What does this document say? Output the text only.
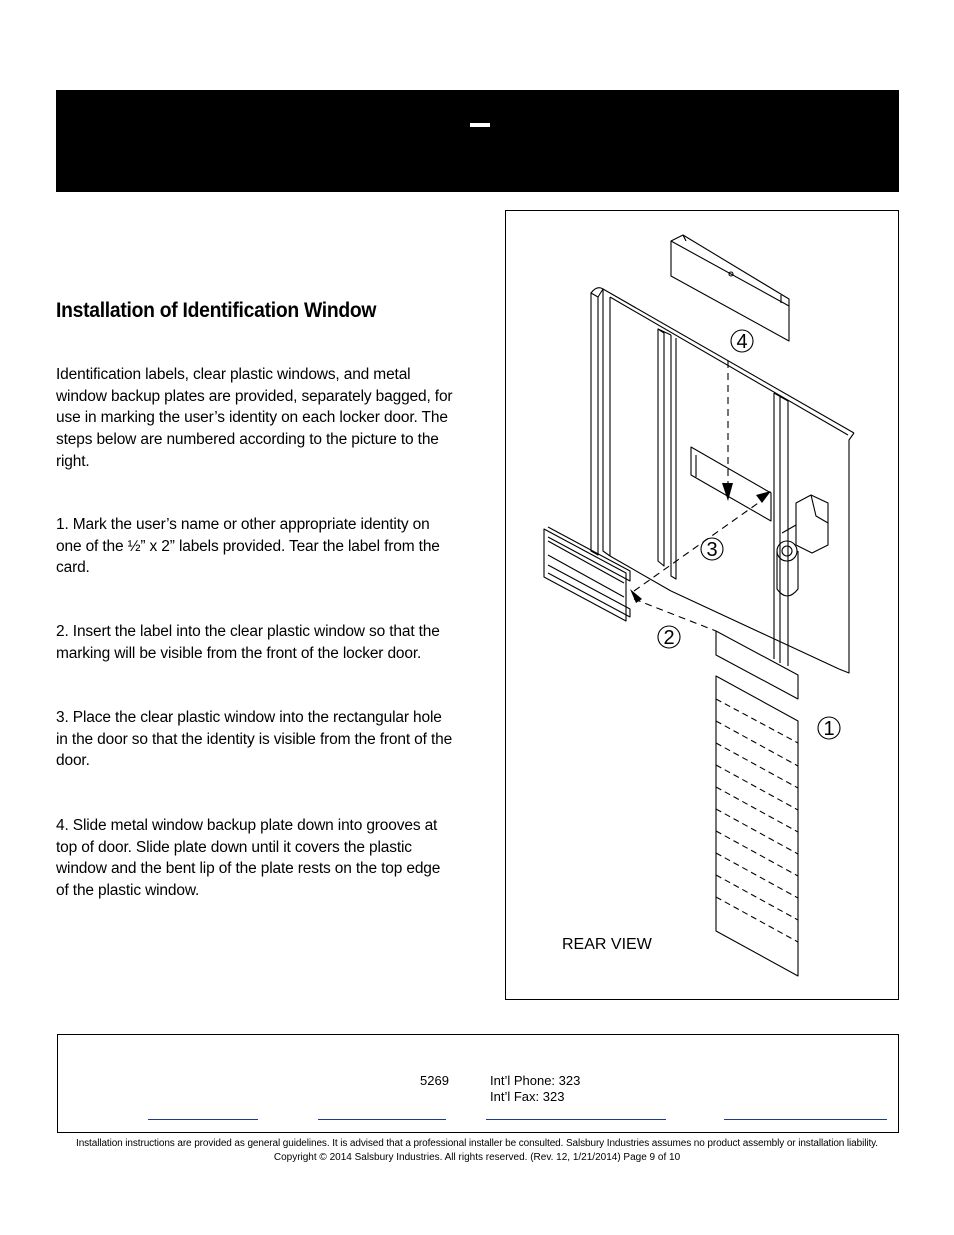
Installation of Identification Window

Identification labels, clear plastic windows, and metal window backup plates are provided, separately bagged, for use in marking the user’s identity on each locker door. The steps below are numbered according to the picture to the right.

1. Mark the user’s name or other appropriate identity on one of the ½” x 2” labels provided. Tear the label from the card.

2. Insert the label into the clear plastic window so that the marking will be visible from the front of the locker door.

3. Place the clear plastic window into the rectangular hole in the door so that the identity is visible from the front of the door.

4. Slide metal window backup plate down into grooves at top of door. Slide plate down until it covers the plastic window and the bent lip of the plate rests on the top edge of the plastic window.

4
3
2
1
REAR VIEW
5269	Int’l Phone: 323
Int’l Fax: 323
Installation instructions are provided as general guidelines. It is advised that a professional installer be consulted. Salsbury Industries assumes no product assembly or installation liability.
Copyright © 2014 Salsbury Industries. All rights reserved. (Rev. 12, 1/21/2014) Page 9 of 10
